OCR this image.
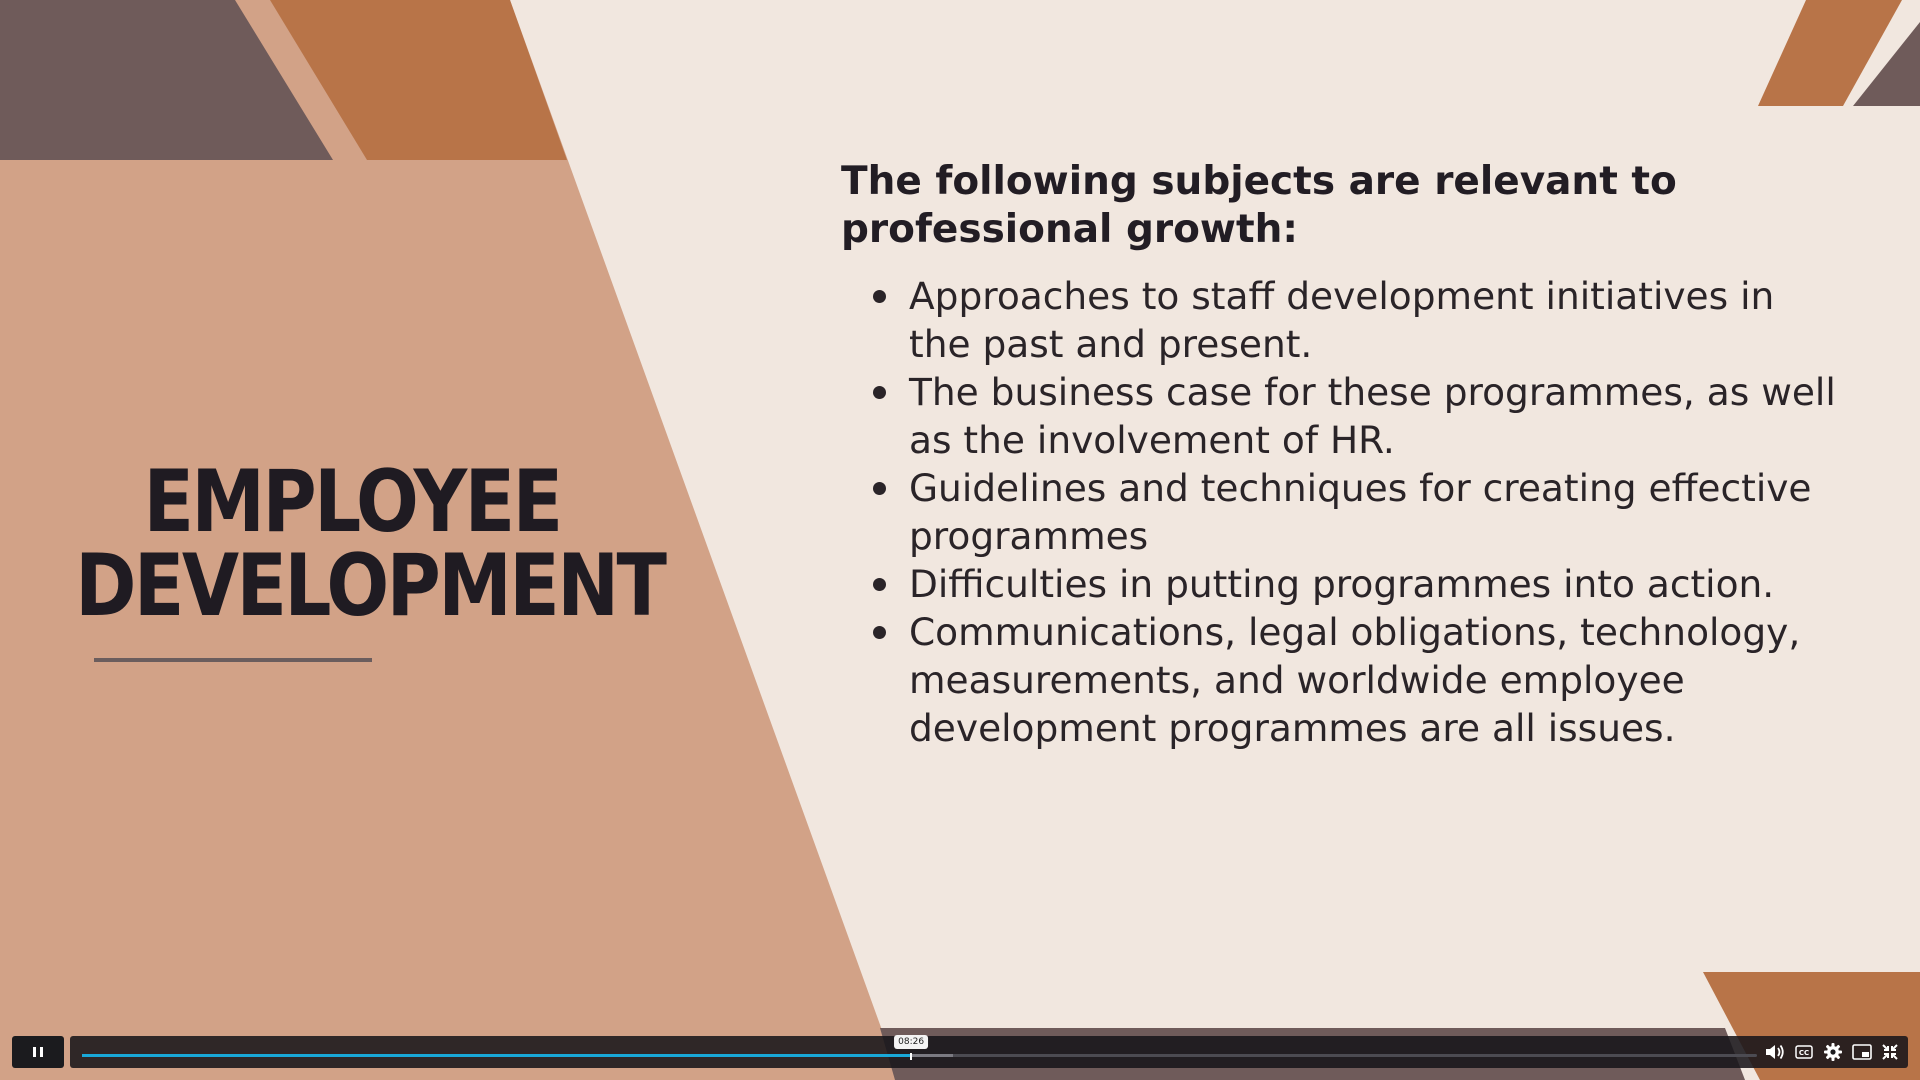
EMPLOYEE
DEVELOPMENT
The following subjects are relevant to professional growth:
Approaches to staff development initiatives in the past and present.
The business case for these programmes, as well as the involvement of HR.
Guidelines and techniques for creating effective programmes
Difficulties in putting programmes into action.
Communications, legal obligations, technology, measurements, and worldwide employee development programmes are all issues.
08:26
CC
